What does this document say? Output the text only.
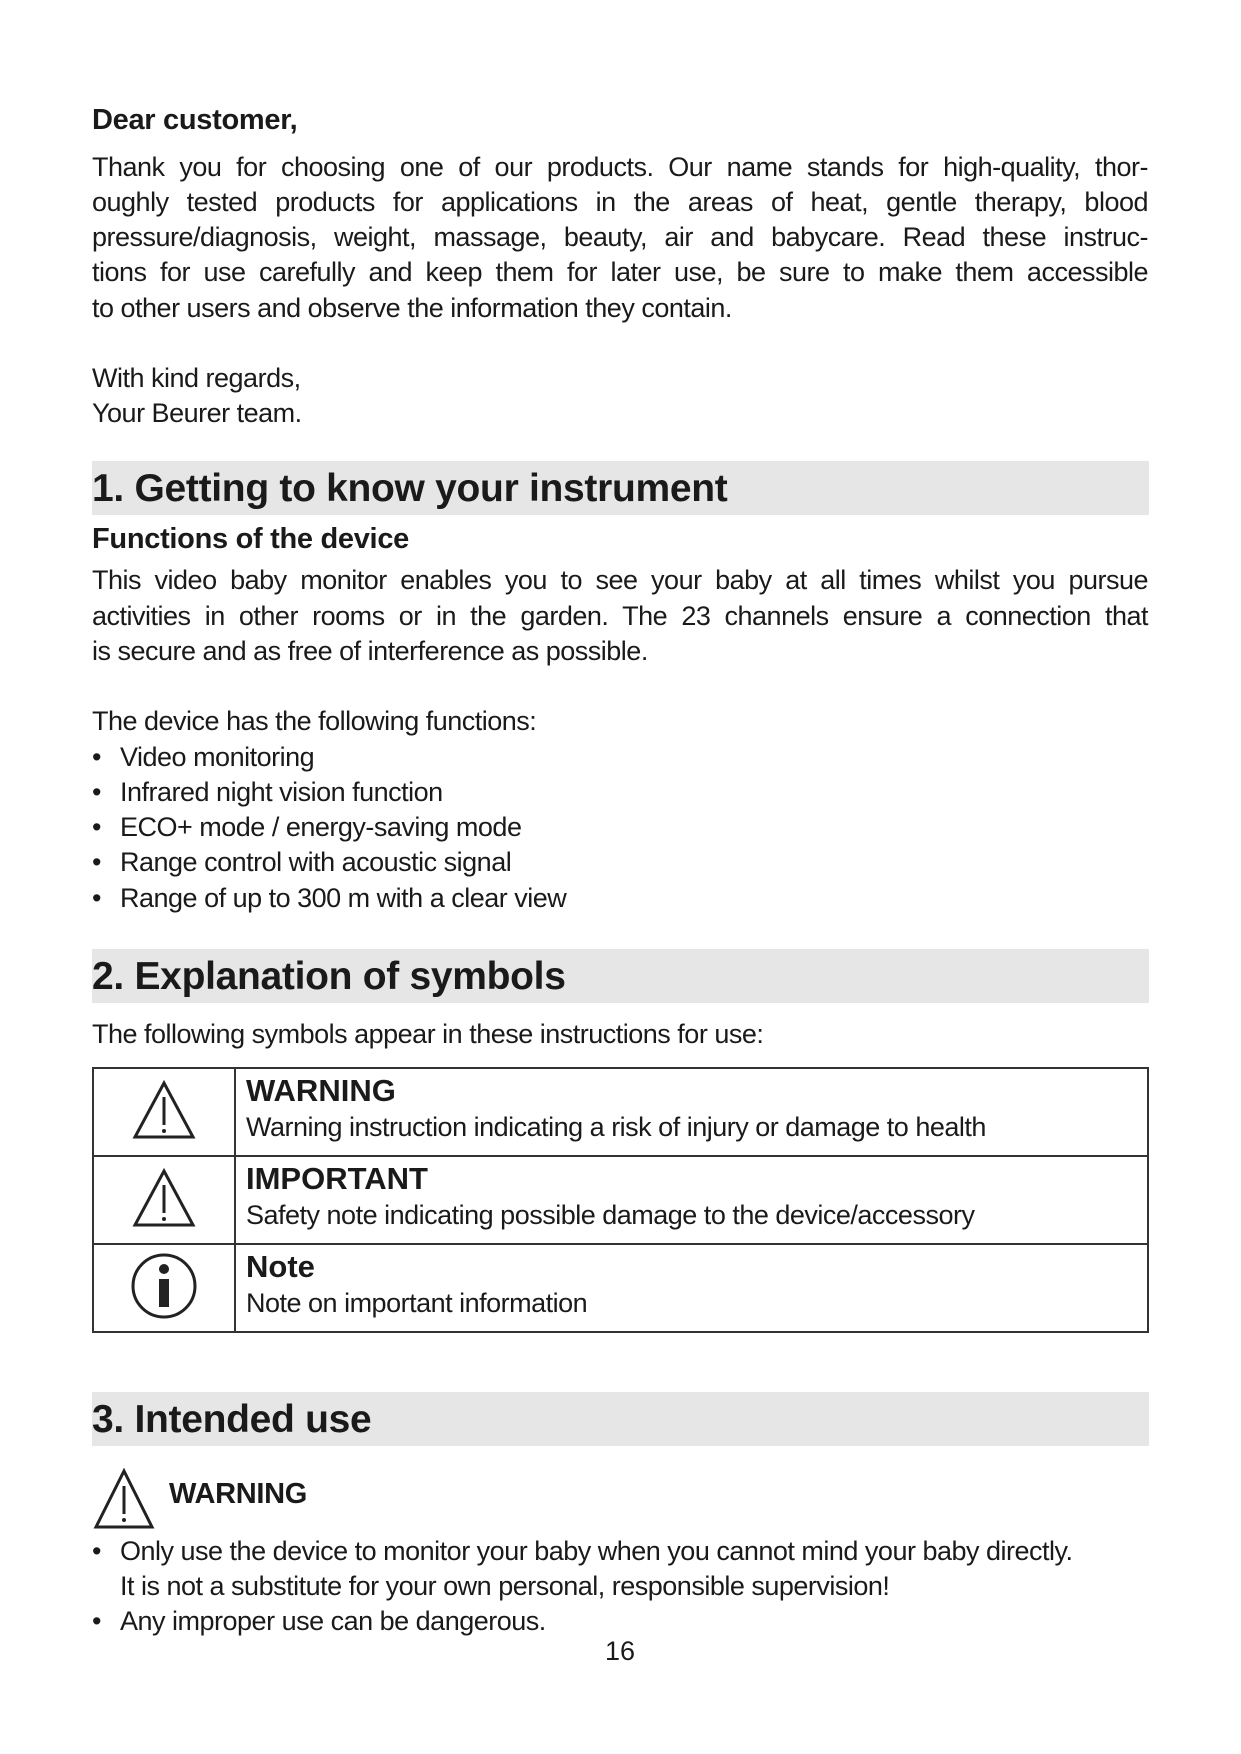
Dear customer,
Thank you for choosing one of our products. Our name stands for high-quality, thor-
oughly tested products for applications in the areas of heat, gentle therapy, blood
pressure/diagnosis, weight, massage, beauty, air and babycare. Read these instruc-
tions for use carefully and keep them for later use, be sure to make them accessible
to other users and observe the information they contain.
With kind regards,
Your Beurer team.
1. Getting to know your instrument
Functions of the device
This video baby monitor enables you to see your baby at all times whilst you pursue
activities in other rooms or in the garden. The 23 channels ensure a connection that
is secure and as free of interference as possible.
The device has the following functions:
• Video monitoring
• Infrared night vision function
• ECO+ mode / energy-saving mode
• Range control with acoustic signal
• Range of up to 300 m with a clear view
2. Explanation of symbols
The following symbols appear in these instructions for use:

WARNING
Warning instruction indicating a risk of injury or damage to health

IMPORTANT
Safety note indicating possible damage to the device/accessory

Note
Note on important information
3. Intended use
WARNING
• Only use the device to monitor your baby when you cannot mind your baby directly.
It is not a substitute for your own personal, responsible supervision!
• Any improper use can be dangerous.
16
